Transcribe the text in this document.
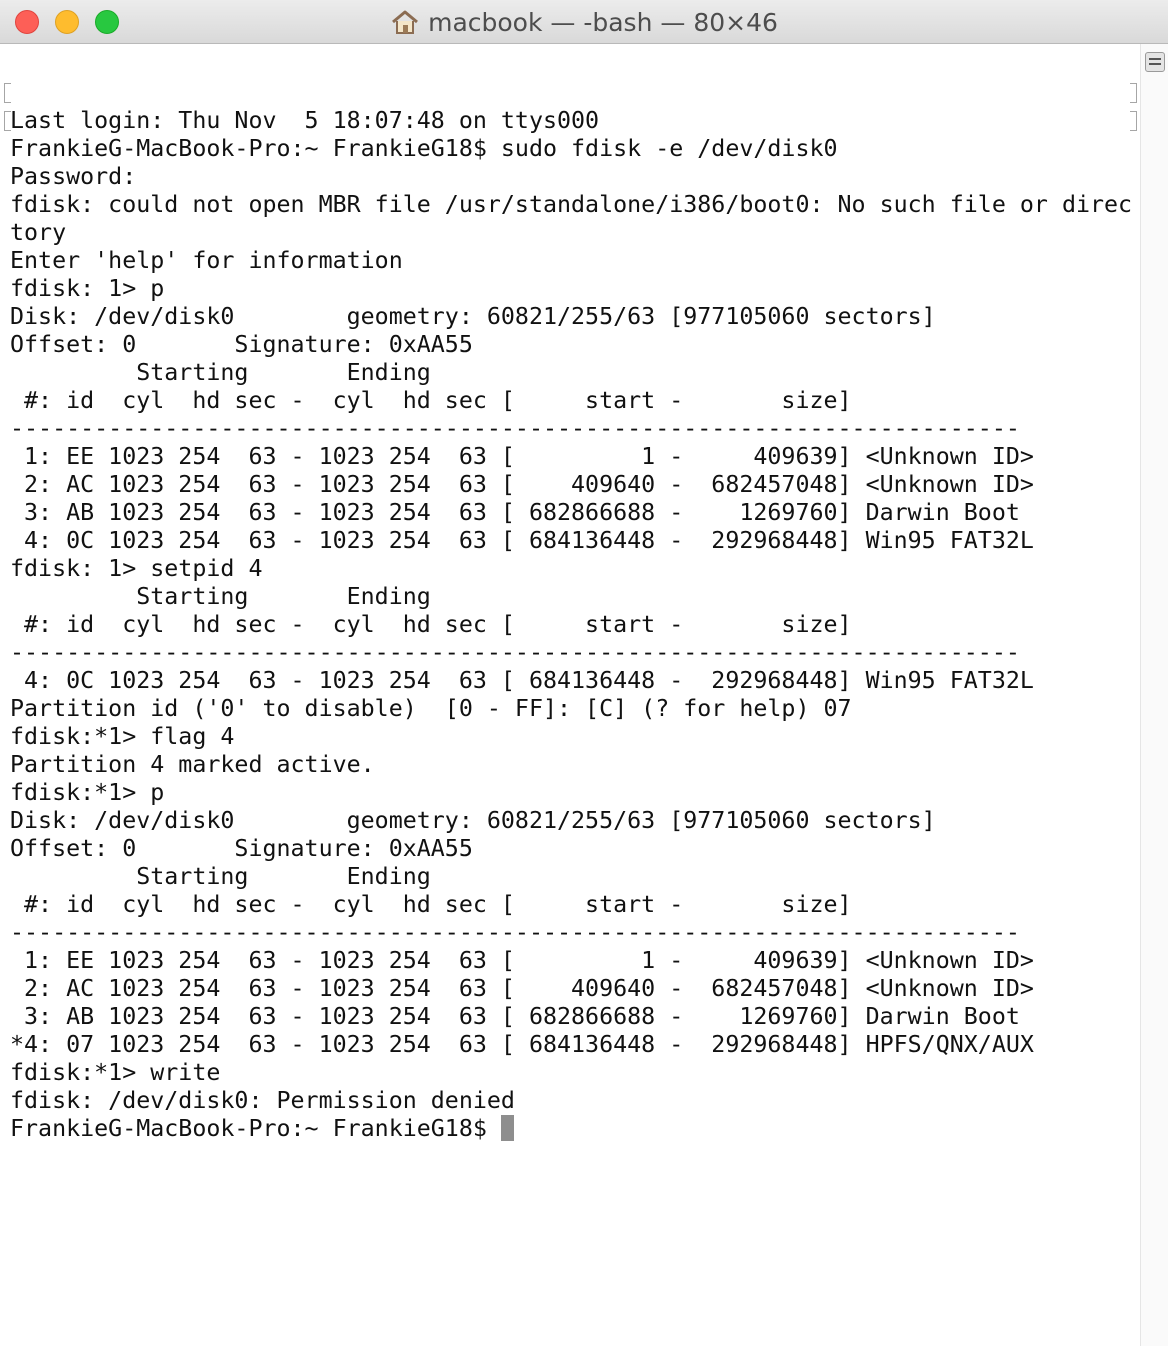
macbook — -bash — 80×46

Last login: Thu Nov  5 18:07:48 on ttys000
FrankieG-MacBook-Pro:~ FrankieG18$ sudo fdisk -e /dev/disk0
Password:
fdisk: could not open MBR file /usr/standalone/i386/boot0: No such file or direc
tory
Enter 'help' for information
fdisk: 1> p
Disk: /dev/disk0        geometry: 60821/255/63 [977105060 sectors]
Offset: 0       Signature: 0xAA55
Starting       Ending
#: id  cyl  hd sec -  cyl  hd sec [     start -       size]
------------------------------------------------------------------------
1: EE 1023 254  63 - 1023 254  63 [         1 -     409639] <Unknown ID>
2: AC 1023 254  63 - 1023 254  63 [    409640 -  682457048] <Unknown ID>
3: AB 1023 254  63 - 1023 254  63 [ 682866688 -    1269760] Darwin Boot
4: 0C 1023 254  63 - 1023 254  63 [ 684136448 -  292968448] Win95 FAT32L
fdisk: 1> setpid 4
Starting       Ending
#: id  cyl  hd sec -  cyl  hd sec [     start -       size]
------------------------------------------------------------------------
4: 0C 1023 254  63 - 1023 254  63 [ 684136448 -  292968448] Win95 FAT32L
Partition id ('0' to disable)  [0 - FF]: [C] (? for help) 07
fdisk:*1> flag 4
Partition 4 marked active.
fdisk:*1> p
Disk: /dev/disk0        geometry: 60821/255/63 [977105060 sectors]
Offset: 0       Signature: 0xAA55
Starting       Ending
#: id  cyl  hd sec -  cyl  hd sec [     start -       size]
------------------------------------------------------------------------
1: EE 1023 254  63 - 1023 254  63 [         1 -     409639] <Unknown ID>
2: AC 1023 254  63 - 1023 254  63 [    409640 -  682457048] <Unknown ID>
3: AB 1023 254  63 - 1023 254  63 [ 682866688 -    1269760] Darwin Boot
*4: 07 1023 254  63 - 1023 254  63 [ 684136448 -  292968448] HPFS/QNX/AUX
fdisk:*1> write
fdisk: /dev/disk0: Permission denied
FrankieG-MacBook-Pro:~ FrankieG18$
